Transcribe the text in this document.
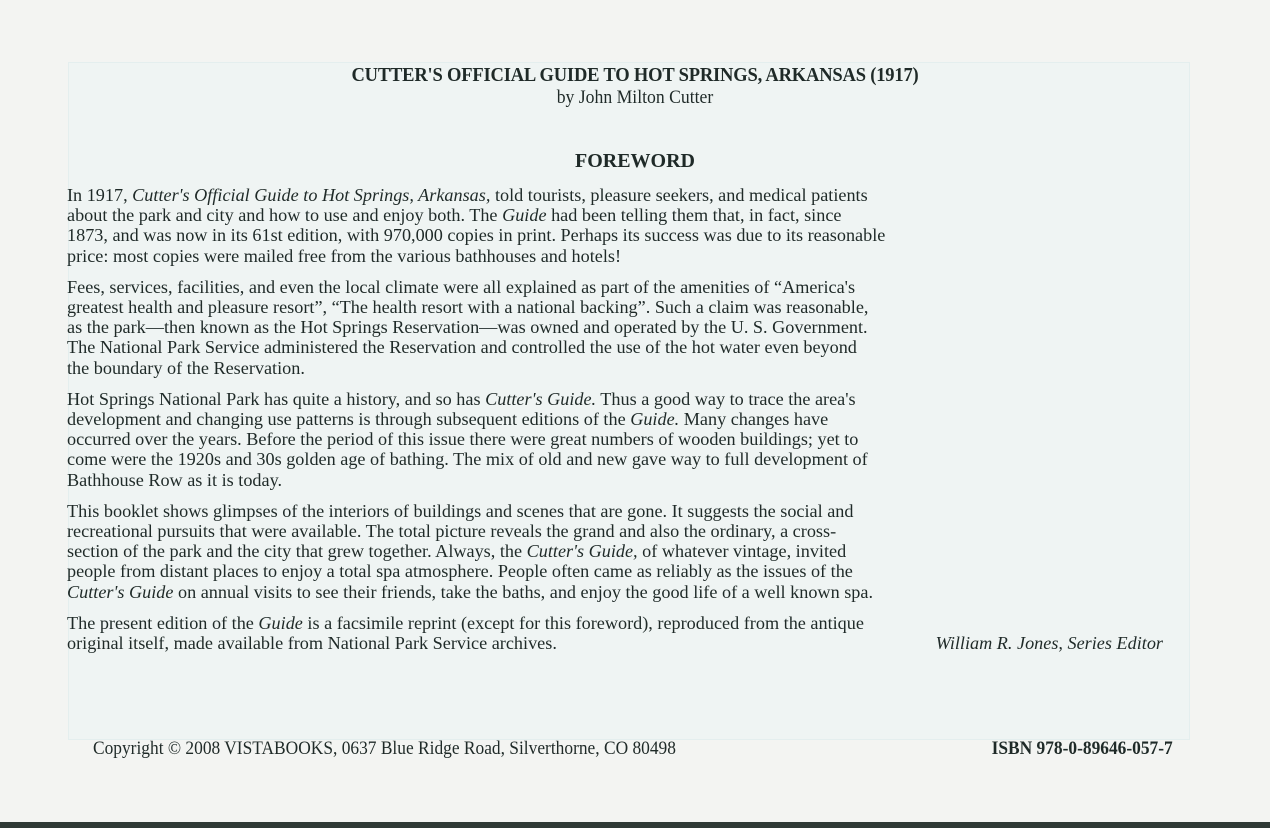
CUTTER'S OFFICIAL GUIDE TO HOT SPRINGS, ARKANSAS (1917)
by John Milton Cutter
FOREWORD

In 1917, Cutter's Official Guide to Hot Springs, Arkansas, told tourists, pleasure seekers, and medical patients
about the park and city and how to use and enjoy both. The Guide had been telling them that, in fact, since
1873, and was now in its 61st edition, with 970,000 copies in print. Perhaps its success was due to its reasonable
price: most copies were mailed free from the various bathhouses and hotels!

Fees, services, facilities, and even the local climate were all explained as part of the amenities of “America's
greatest health and pleasure resort”, “The health resort with a national backing”. Such a claim was reasonable,
as the park—then known as the Hot Springs Reservation—was owned and operated by the U. S. Government.
The National Park Service administered the Reservation and controlled the use of the hot water even beyond
the boundary of the Reservation.

Hot Springs National Park has quite a history, and so has Cutter's Guide. Thus a good way to trace the area's
development and changing use patterns is through subsequent editions of the Guide. Many changes have
occurred over the years. Before the period of this issue there were great numbers of wooden buildings; yet to
come were the 1920s and 30s golden age of bathing. The mix of old and new gave way to full development of
Bathhouse Row as it is today.

This booklet shows glimpses of the interiors of buildings and scenes that are gone. It suggests the social and
recreational pursuits that were available. The total picture reveals the grand and also the ordinary, a cross-
section of the park and the city that grew together. Always, the Cutter's Guide, of whatever vintage, invited
people from distant places to enjoy a total spa atmosphere. People often came as reliably as the issues of the
Cutter's Guide on annual visits to see their friends, take the baths, and enjoy the good life of a well known spa.

The present edition of the Guide is a facsimile reprint (except for this foreword), reproduced from the antique
original itself, made available from National Park Service archives.	William R. Jones, Series Editor

Copyright © 2008 VISTABOOKS, 0637 Blue Ridge Road, Silverthorne, CO 80498	ISBN 978-0-89646-057-7
